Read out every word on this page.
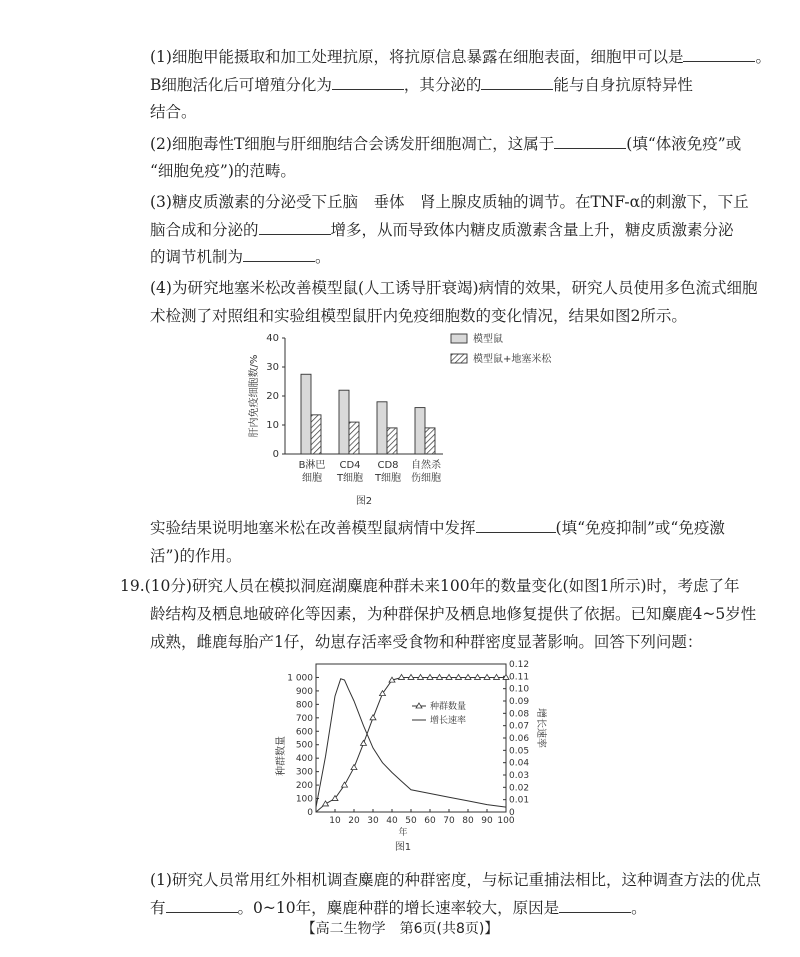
(1)细胞甲能摄取和加工处理抗原，将抗原信息暴露在细胞表面，细胞甲可以是	。
B细胞活化后可增殖分化为	，其分泌的	能与自身抗原特异性
结合。
(2)细胞毒性T细胞与肝细胞结合会诱发肝细胞凋亡，这属于	(填“体液免疫”或
“细胞免疫”)的范畴。
(3)糖皮质激素的分泌受下丘脑　垂体　肾上腺皮质轴的调节。在TNF-α的刺激下，下丘
脑合成和分泌的	增多，从而导致体内糖皮质激素含量上升，糖皮质激素分泌
的调节机制为	。
(4)为研究地塞米松改善模型鼠(人工诱导肝衰竭)病情的效果，研究人员使用多色流式细胞
术检测了对照组和实验组模型鼠肝内免疫细胞数的变化情况，结果如图2所示。
0
10
20
30
40
肝内免疫细胞数/%
B淋巴
细胞
CD4
T细胞
CD8
T细胞
自然杀
伤细胞
模型鼠
模型鼠+地塞米松
图2
实验结果说明地塞米松在改善模型鼠病情中发挥	(填“免疫抑制”或“免疫激
活”)的作用。
19.(10分)研究人员在模拟洞庭湖麋鹿种群未来100年的数量变化(如图1所示)时，考虑了年
龄结构及栖息地破碎化等因素，为种群保护及栖息地修复提供了依据。已知麋鹿4~5岁性
成熟，雌鹿每胎产1仔，幼崽存活率受食物和种群密度显著影响。回答下列问题：
0
100
200
300
400
500
600
700
800
900
1 000
0
0.01
0.02
0.03
0.04
0.05
0.06
0.07
0.08
0.09
0.10
0.11
0.12
10 20 30 40 50 60 70 80 90 100
年
种群数量
增长速率
种群数量
增长速率
图1
(1)研究人员常用红外相机调查麋鹿的种群密度，与标记重捕法相比，这种调查方法的优点
有	。0~10年，麋鹿种群的增长速率较大，原因是	。
【高二生物学　第6页(共8页)】
